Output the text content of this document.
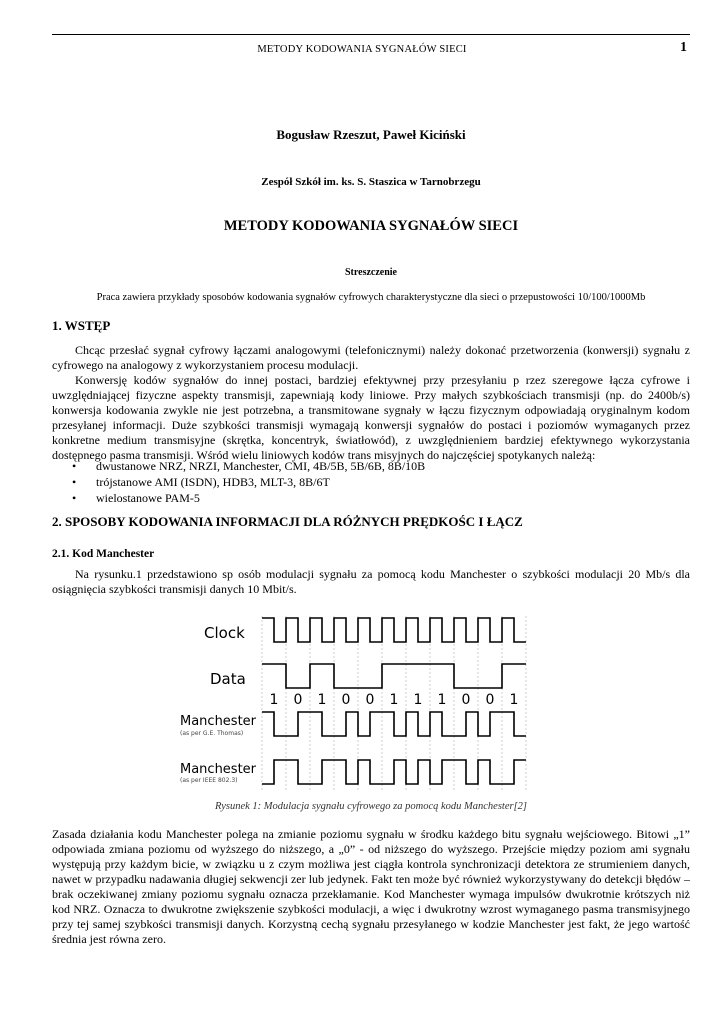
METODY KODOWANIA SYGNAŁÓW SIECI	1
Bogusław Rzeszut, Paweł Kiciński
Zespół Szkół im. ks. S. Staszica w Tarnobrzegu
METODY KODOWANIA SYGNAŁÓW SIECI
Streszczenie
Praca zawiera przykłady sposobów kodowania sygnałów cyfrowych charakterystyczne dla sieci o przepustowości 10/100/1000Mb
1. WSTĘP

Chcąc przesłać sygnał cyfrowy łączami analogowymi (telefonicznymi) należy dokonać przetworzenia (konwersji) sygnału z cyfrowego na analogowy z wykorzystaniem procesu modulacji.

Konwersję kodów sygnałów do innej postaci, bardziej efektywnej przy przesyłaniu p rzez szeregowe łącza cyfrowe i uwzględniającej fizyczne aspekty transmisji, zapewniają kody liniowe. Przy małych szybkościach transmisji (np. do 2400b/s) konwersja kodowania zwykle nie jest potrzebna, a transmitowane sygnały w łączu fizycznym odpowiadają oryginalnym kodom przesyłanej informacji. Duże szybkości transmisji wymagają konwersji sygnałów do postaci i poziomów wymaganych przez konkretne medium transmisyjne (skrętka, koncentryk, światłowód), z uwzględnieniem bardziej efektywnego wykorzystania dostępnego pasma transmisji. Wśród wielu liniowych kodów trans misyjnych do najczęściej spotykanych należą:

• dwustanowe NRZ, NRZI, Manchester, CMI, 4B/5B, 5B/6B, 8B/10B
• trójstanowe AMI (ISDN), HDB3, MLT-3, 8B/6T
• wielostanowe PAM-5
2. SPOSOBY KODOWANIA INFORMACJI DLA RÓŻNYCH PRĘDKOŚC I ŁĄCZ
2.1. Kod Manchester

Na rysunku.1 przedstawiono sp osób modulacji sygnału za pomocą kodu Manchester o szybkości modulacji 20 Mb/s dla osiągnięcia szybkości transmisji danych 10 Mbit/s.

Clock
Data
Manchester
(as per G.E. Thomas)
Manchester
(as per IEEE 802.3)
1 0 1 0 0 1 1 1 0 0 1
Rysunek 1: Modulacja sygnału cyfrowego za pomocą kodu Manchester[2]

Zasada działania kodu Manchester polega na zmianie poziomu sygnału w środku każdego bitu sygnału wejściowego. Bitowi „1” odpowiada zmiana poziomu od wyższego do niższego, a „0” - od niższego do wyższego. Przejście między poziom ami sygnału występują przy każdym bicie, w związku u z czym możliwa jest ciągła kontrola synchronizacji detektora ze strumieniem danych, nawet w przypadku nadawania długiej sekwencji zer lub jedynek. Fakt ten może być również wykorzystywany do detekcji błędów – brak oczekiwanej zmiany poziomu sygnału oznacza przekłamanie. Kod Manchester wymaga impulsów dwukrotnie krótszych niż kod NRZ. Oznacza to dwukrotne zwiększenie szybkości modulacji, a więc i dwukrotny wzrost wymaganego pasma transmisyjnego przy tej samej szybkości transmisji danych. Korzystną cechą sygnału przesyłanego w kodzie Manchester jest fakt, że jego wartość średnia jest równa zero.
